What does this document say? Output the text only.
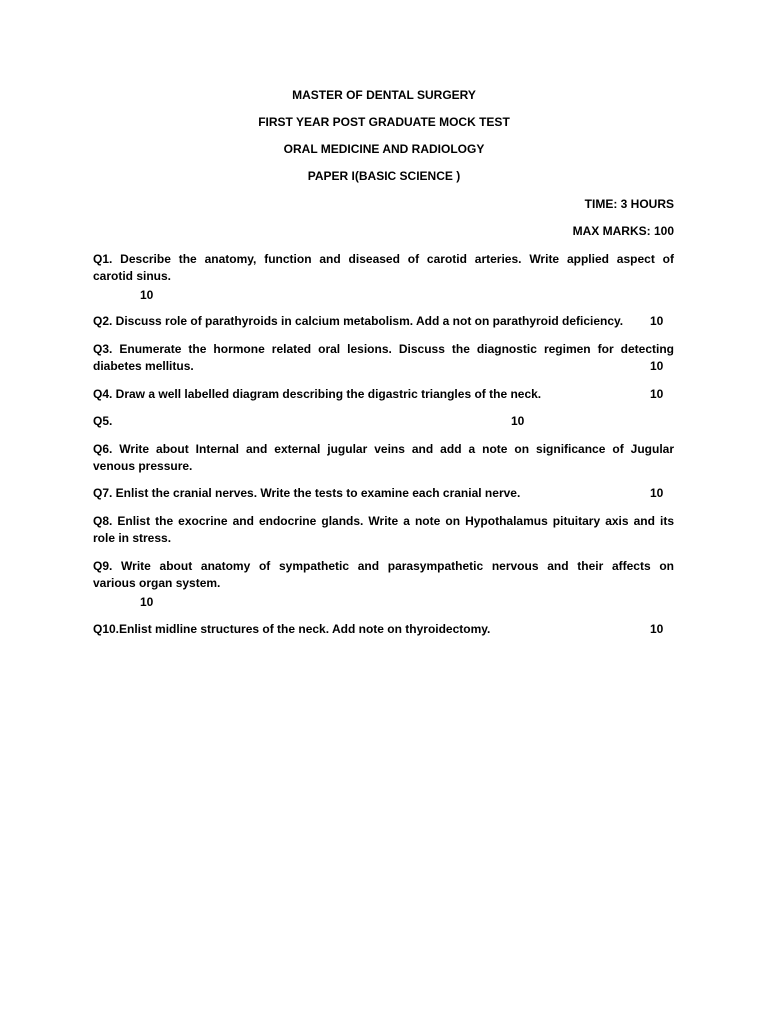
MASTER OF DENTAL SURGERY

FIRST YEAR POST GRADUATE MOCK TEST

ORAL MEDICINE AND RADIOLOGY

PAPER I(BASIC SCIENCE )

TIME: 3 HOURS

MAX MARKS: 100

Q1. Describe the anatomy, function and diseased of carotid arteries. Write applied aspect of
carotid sinus.

10

Q2. Discuss role of parathyroids in calcium metabolism. Add a not on parathyroid deficiency. 10

Q3. Enumerate the hormone related oral lesions. Discuss the diagnostic regimen for detecting
diabetes mellitus.	10

Q4. Draw a well labelled diagram describing the digastric triangles of the neck.	10

Q5.	10

Q6. Write about Internal and external jugular veins and add a note on significance of Jugular
venous pressure.

Q7. Enlist the cranial nerves. Write the tests to examine each cranial nerve.	10

Q8. Enlist the exocrine and endocrine glands. Write a note on Hypothalamus pituitary axis and its
role in stress.
Q9. Write about anatomy of sympathetic and parasympathetic nervous and their affects on
various organ system.

10

Q10.Enlist midline structures of the neck. Add note on thyroidectomy.	10
